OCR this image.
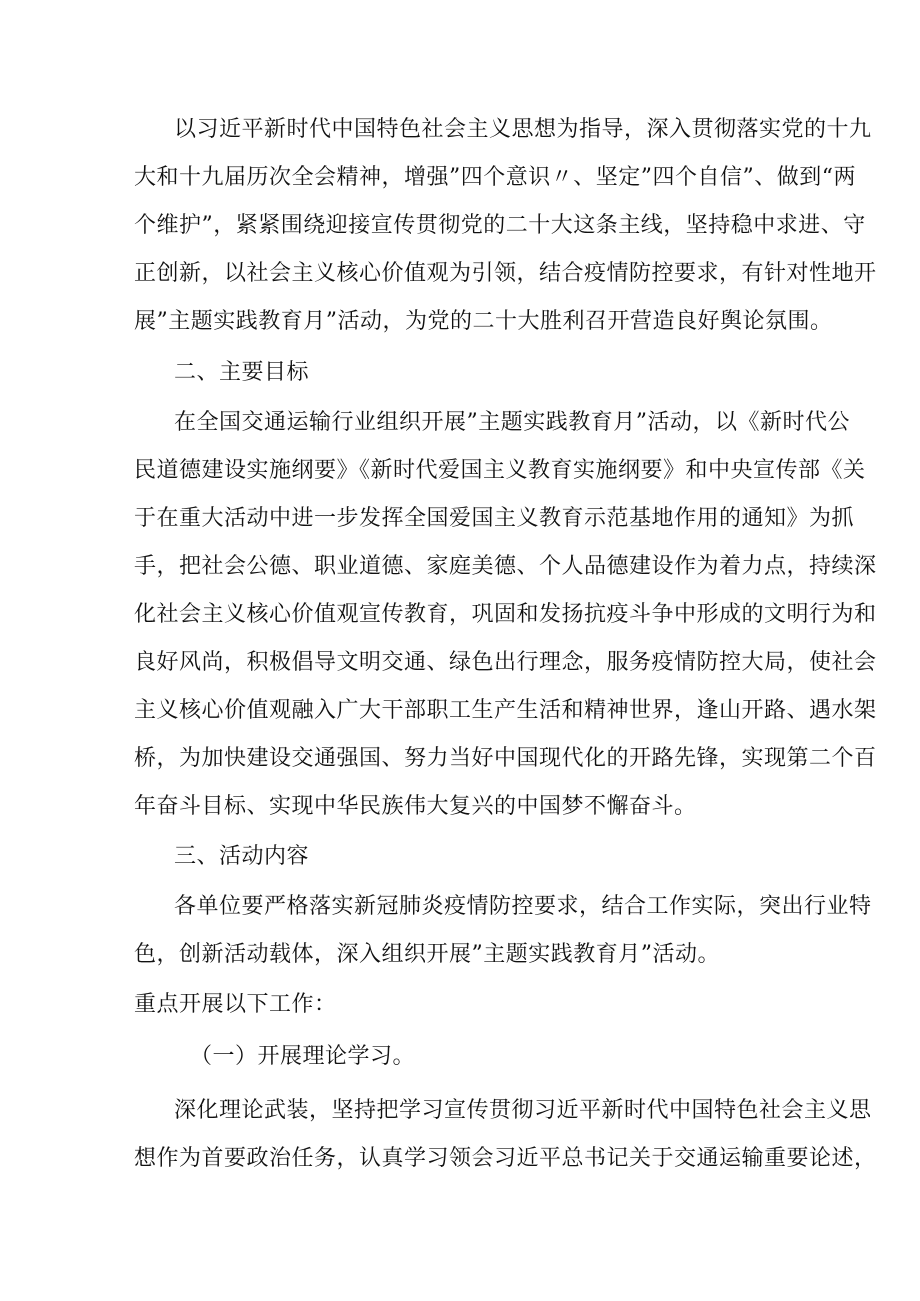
以习近平新时代中国特色社会主义思想为指导，深入贯彻落实党的十九
大和十九届历次全会精神，增强”四个意识〃、坚定”四个自信”、做到“两
个维护”，紧紧围绕迎接宣传贯彻党的二十大这条主线，坚持稳中求进、守
正创新，以社会主义核心价值观为引领，结合疫情防控要求，有针对性地开
展”主题实践教育月”活动，为党的二十大胜利召开营造良好舆论氛围。
二、主要目标
在全国交通运输行业组织开展”主题实践教育月”活动，以《新时代公
民道德建设实施纲要》《新时代爱国主义教育实施纲要》和中央宣传部《关
于在重大活动中进一步发挥全国爱国主义教育示范基地作用的通知》为抓
手，把社会公德、职业道德、家庭美德、个人品德建设作为着力点，持续深
化社会主义核心价值观宣传教育，巩固和发扬抗疫斗争中形成的文明行为和
良好风尚，积极倡导文明交通、绿色出行理念，服务疫情防控大局，使社会
主义核心价值观融入广大干部职工生产生活和精神世界，逢山开路、遇水架
桥，为加快建设交通强国、努力当好中国现代化的开路先锋，实现第二个百
年奋斗目标、实现中华民族伟大复兴的中国梦不懈奋斗。
三、活动内容
各单位要严格落实新冠肺炎疫情防控要求，结合工作实际，突出行业特
色，创新活动载体，深入组织开展”主题实践教育月”活动。
重点开展以下工作：
（一）开展理论学习。
深化理论武装，坚持把学习宣传贯彻习近平新时代中国特色社会主义思
想作为首要政治任务，认真学习领会习近平总书记关于交通运输重要论述，
